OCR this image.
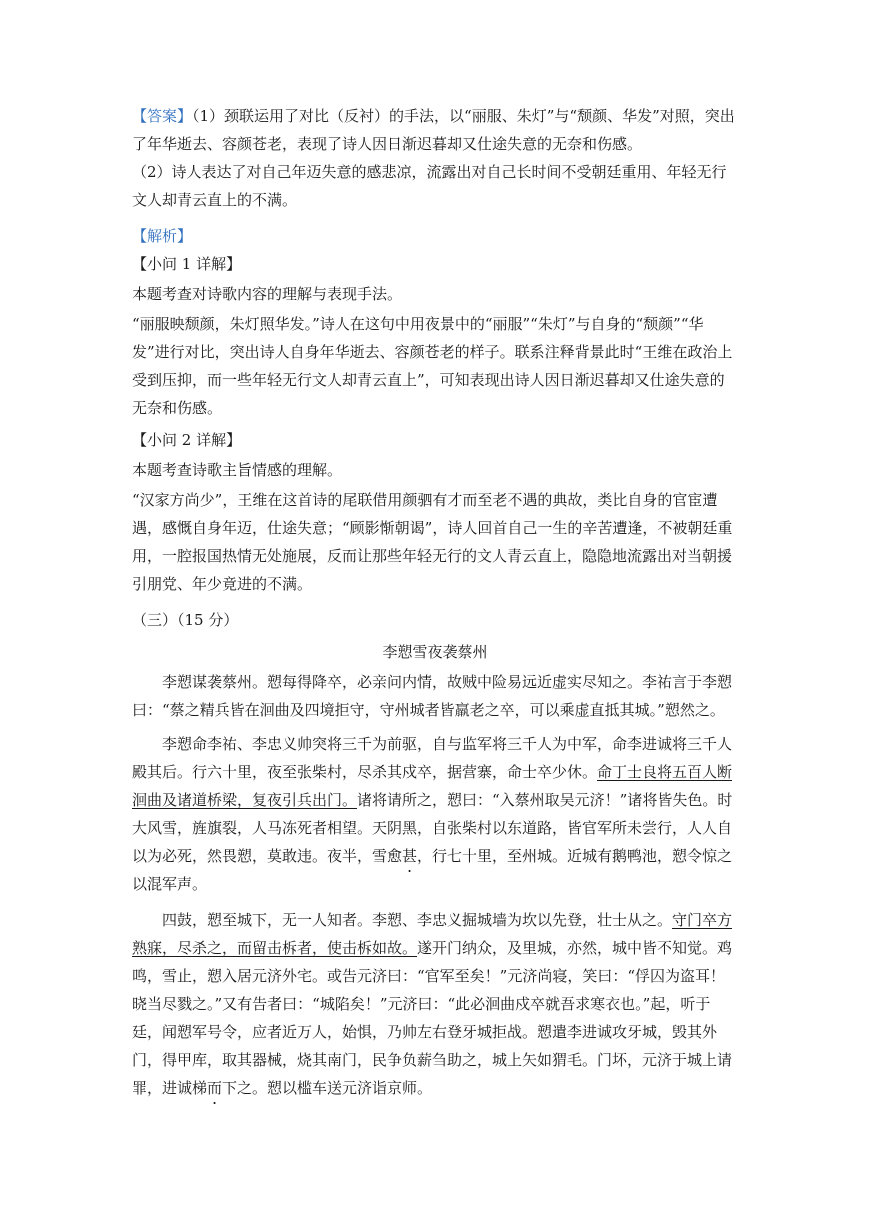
【答案】（1）颈联运用了对比（反衬）的手法，以“丽服、朱灯”与“颓颜、华发”对照，突出了年华逝去、容颜苍老，表现了诗人因日渐迟暮却又仕途失意的无奈和伤感。
（2）诗人表达了对自己年迈失意的感悲凉，流露出对自己长时间不受朝廷重用、年轻无行文人却青云直上的不满。
【解析】
【小问 1 详解】
本题考查对诗歌内容的理解与表现手法。
“丽服映颓颜，朱灯照华发。”诗人在这句中用夜景中的“丽服”“朱灯”与自身的“颓颜”“华发”进行对比，突出诗人自身年华逝去、容颜苍老的样子。联系注释背景此时“王维在政治上受到压抑，而一些年轻无行文人却青云直上”，可知表现出诗人因日渐迟暮却又仕途失意的无奈和伤感。
【小问 2 详解】
本题考查诗歌主旨情感的理解。
“汉家方尚少”，王维在这首诗的尾联借用颜驷有才而至老不遇的典故，类比自身的官宦遭遇，感慨自身年迈，仕途失意；“顾影惭朝谒”，诗人回首自己一生的辛苦遭逢，不被朝廷重用，一腔报国热情无处施展，反而让那些年轻无行的文人青云直上，隐隐地流露出对当朝援引朋党、年少竟进的不满。
（三）（15 分）
李愬雪夜袭蔡州
李愬谋袭蔡州。愬每得降卒，必亲问内情，故贼中险易远近虚实尽知之。李祐言于李愬曰：“蔡之精兵皆在洄曲及四境拒守，守州城者皆羸老之卒，可以乘虚直抵其城。”愬然之。
李愬命李祐、李忠义帅突将三千为前驱，自与监军将三千人为中军，命李进诚将三千人殿其后。行六十里，夜至张柴村，尽杀其戍卒，据营寨，命士卒少休。命丁士良将五百人断洄曲及诸道桥梁，复夜引兵出门。诸将请所之，愬曰：“入蔡州取吴元济！”诸将皆失色。时大风雪，旌旗裂，人马冻死者相望。天阴黑，自张柴村以东道路，皆官军所未尝行，人人自以为必死，然畏愬，莫敢违。夜半，雪愈甚，行七十里，至州城。近城有鹅鸭池，愬令惊之以混军声。
四鼓，愬至城下，无一人知者。李愬、李忠义掘城墙为坎以先登，壮士从之。守门卒方熟寐，尽杀之，而留击柝者，使击柝如故。遂开门纳众，及里城，亦然，城中皆不知觉。鸡鸣，雪止，愬入居元济外宅。或告元济曰：“官军至矣！”元济尚寝，笑曰：“俘囚为盗耳！晓当尽戮之。”又有告者曰：“城陷矣！”元济曰：“此必洄曲戍卒就吾求寒衣也。”起，听于廷，闻愬军号令，应者近万人，始惧，乃帅左右登牙城拒战。愬遣李进诚攻牙城，毁其外门，得甲库，取其器械，烧其南门，民争负薪刍助之，城上矢如猬毛。门坏，元济于城上请罪，进诚梯而下之。愬以槛车送元济诣京师。
